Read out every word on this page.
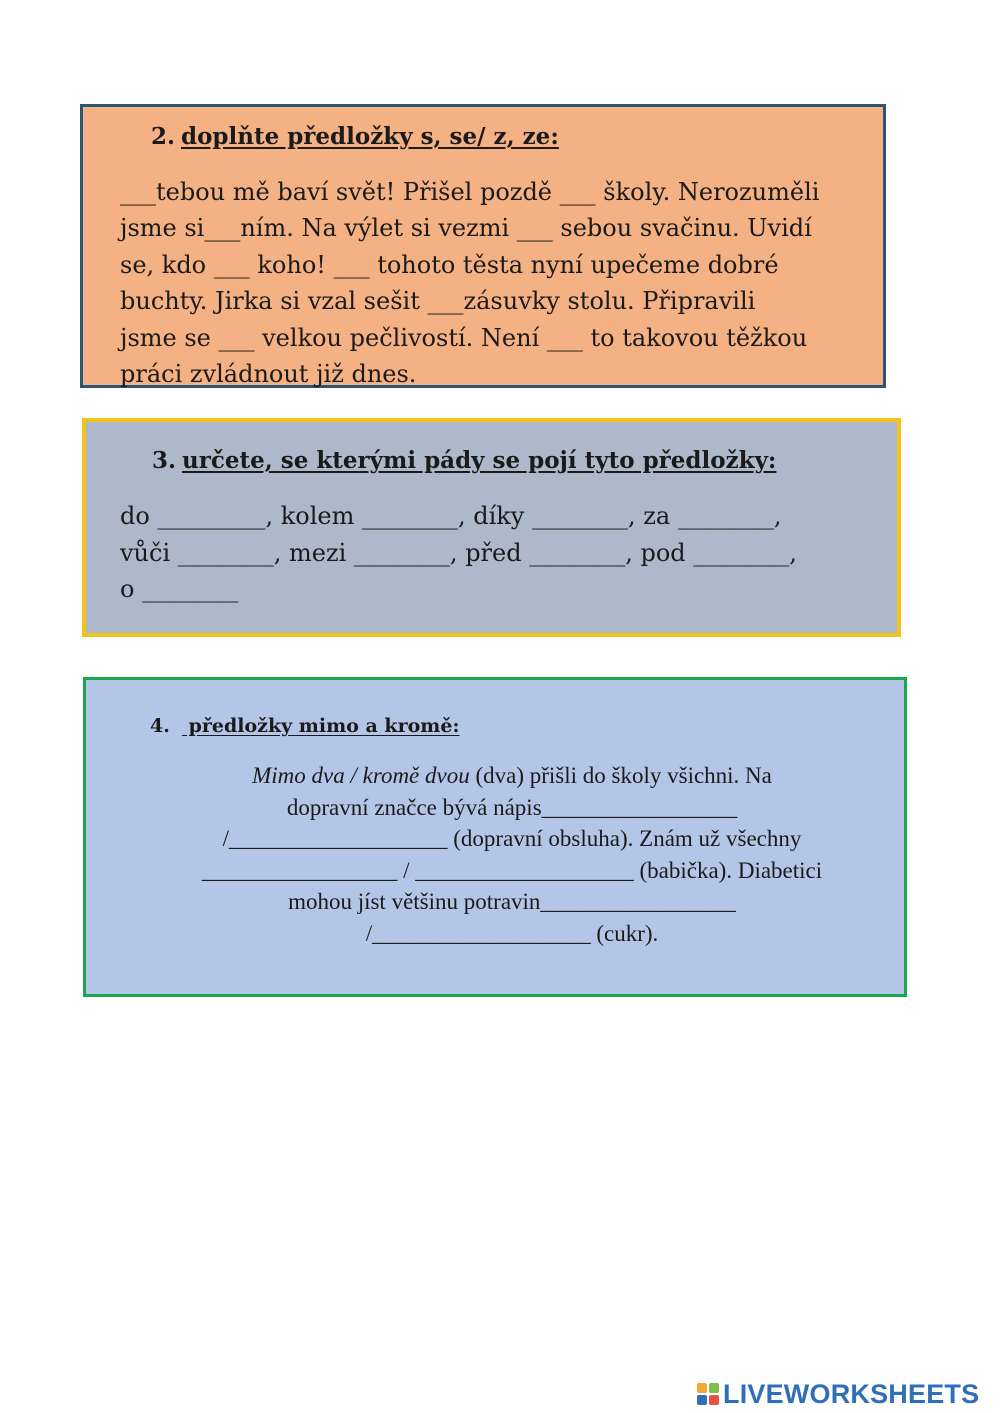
2. doplňte předložky s, se/ z, ze:
___tebou mě baví svět! Přišel pozdě ___ školy. Nerozuměli
jsme si___ním. Na výlet si vezmi ___ sebou svačinu. Uvidí
se, kdo ___ koho! ___ tohoto těsta nyní upečeme dobré
buchty. Jirka si vzal sešit ___zásuvky stolu. Připravili
jsme se ___ velkou pečlivostí. Není ___ to takovou těžkou
práci zvládnout již dnes.
3. určete, se kterými pády se pojí tyto předložky:
do _________, kolem ________, díky ________, za ________,
vůči ________, mezi ________, před ________, pod ________,
o ________
4. předložky mimo a kromě:
Mimo dva / kromě dvou (dva) přišli do školy všichni. Na
dopravní značce bývá nápis_________________
/___________________ (dopravní obsluha). Znám už všechny
_________________ / ___________________ (babička). Diabetici
mohou jíst většinu potravin_________________
/___________________ (cukr).
LIVEWORKSHEETS
